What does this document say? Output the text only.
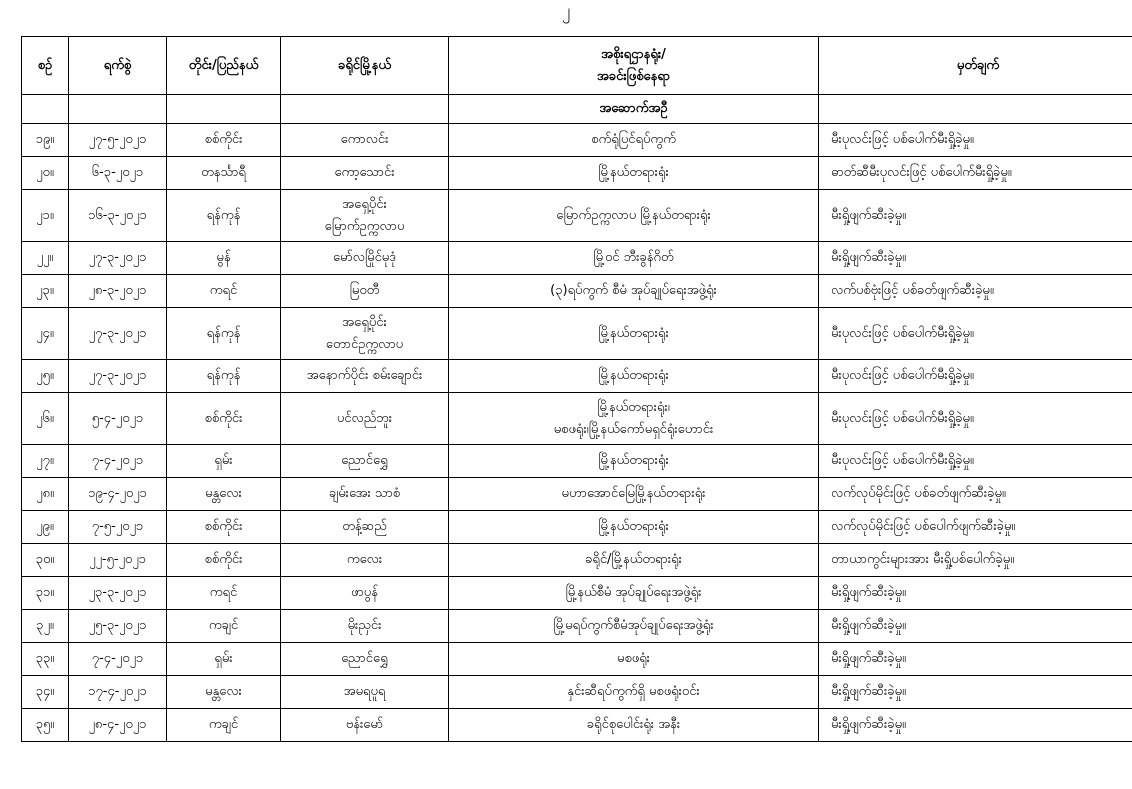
၂
စဉ်	ရက်စွဲ	တိုင်း/ပြည်နယ်	ခရိုင်မြို့နယ်	အစိုးရဌာနရုံး/
အခင်းဖြစ်နေရာ	မှတ်ချက်
				အဆောက်အဦ	
၁၉။	၂၇-၅-၂၀၂၁	စစ်ကိုင်း	ကောလင်း	စက်ရုံပြင်ရပ်ကွက်	မီးပုလင်းဖြင့် ပစ်ပေါက်မီးရှို့ခဲ့မှု။
၂၀။	၆-၃-၂၀၂၁	တနင်္သာရီ	ကော့သောင်း	မြို့နယ်တရားရုံး	ဓာတ်ဆီမီးပုလင်းဖြင့် ပစ်ပေါက်မီးရှို့ခဲ့မှု။
၂၁။	၁၆-၃-၂၀၂၁	ရန်ကုန်	အရှေ့ပိုင်း
မြောက်ဥက္ကလာပ	မြောက်ဥက္ကလာပ မြို့နယ်တရားရုံး	မီးရှို့ဖျက်ဆီးခဲ့မှု။
၂၂။	၂၇-၃-၂၀၂၁	မွန်	မော်လမြိုင်မုဒုံ	မြို့ဝင် ဘီးခွန်ဂိတ်	မီးရှို့ဖျက်ဆီးခဲ့မှု။
၂၃။	၂၈-၃-၂၀၂၁	ကရင်	မြဝတီ	(၃)ရပ်ကွက် စီမံ အုပ်ချုပ်ရေးအဖွဲ့ရုံး	လက်ပစ်ဗုံးဖြင့် ပစ်ခတ်ဖျက်ဆီးခဲ့မှု။
၂၄။	၂၇-၃-၂၀၂၁	ရန်ကုန်	အရှေ့ပိုင်း
တောင်ဥက္ကလာပ	မြို့နယ်တရားရုံး	မီးပုလင်းဖြင့် ပစ်ပေါက်မီးရှို့ခဲ့မှု။
၂၅။	၂၇-၃-၂၀၂၁	ရန်ကုန်	အနောက်ပိုင်း စမ်းချောင်း	မြို့နယ်တရားရုံး	မီးပုလင်းဖြင့် ပစ်ပေါက်မီးရှို့ခဲ့မှု။
၂၆။	၅-၄-၂၀၂၁	စစ်ကိုင်း	ပင်လည်ဘူး	မြို့နယ်တရားရုံး၊
မစဖရုံး၊မြို့နယ်ကော်မရှင်ရုံးဟောင်း	မီးပုလင်းဖြင့် ပစ်ပေါက်မီးရှို့ခဲ့မှု။
၂၇။	၇-၄-၂၀၂၁	ရှမ်း	ညောင်ရွှေ	မြို့နယ်တရားရုံး	မီးပုလင်းဖြင့် ပစ်ပေါက်မီးရှို့ခဲ့မှု။
၂၈။	၁၉-၄-၂၀၂၁	မန္တလေး	ချမ်းအေး သာစံ	မဟာအောင်မြေမြို့နယ်တရားရုံး	လက်လုပ်မိုင်းဖြင့် ပစ်ခတ်ဖျက်ဆီးခဲ့မှု။
၂၉။	၇-၅-၂၀၂၁	စစ်ကိုင်း	တန့်ဆည်	မြို့နယ်တရားရုံး	လက်လုပ်မိုင်းဖြင့် ပစ်ပေါက်ဖျက်ဆီးခဲ့မှု။
၃၀။	၂၂-၅-၂၀၂၁	စစ်ကိုင်း	ကလေး	ခရိုင်/မြို့နယ်တရားရုံး	တာယာကွင်းများအား မီးရှို့ပစ်ပေါက်ခဲ့မှု။
၃၁။	၂၃-၃-၂၀၂၁	ကရင်	ဖာပွန်	မြို့နယ်စီမံ အုပ်ချုပ်ရေးအဖွဲ့ရုံး	မီးရှို့ဖျက်ဆီးခဲ့မှု။
၃၂။	၂၅-၃-၂၀၂၁	ကချင်	မိုးညှင်း	မြို့မရပ်ကွက်စီမံအုပ်ချုပ်ရေးအဖွဲ့ရုံး	မီးရှို့ဖျက်ဆီးခဲ့မှု။
၃၃။	၇-၄-၂၀၂၁	ရှမ်း	ညောင်ရွှေ	မစဖရုံး	မီးရှို့ဖျက်ဆီးခဲ့မှု။
၃၄။	၁၇-၄-၂၀၂၁	မန္တလေး	အမရပူရ	နှင်းဆီရပ်ကွက်ရှိ မစဖရုံးဝင်း	မီးရှို့ဖျက်ဆီးခဲ့မှု။
၃၅။	၂၈-၄-၂၀၂၁	ကချင်	ဗန်းမော်	ခရိုင်စုပေါင်းရုံး အနီး	မီးရှို့ဖျက်ဆီးခဲ့မှု။
